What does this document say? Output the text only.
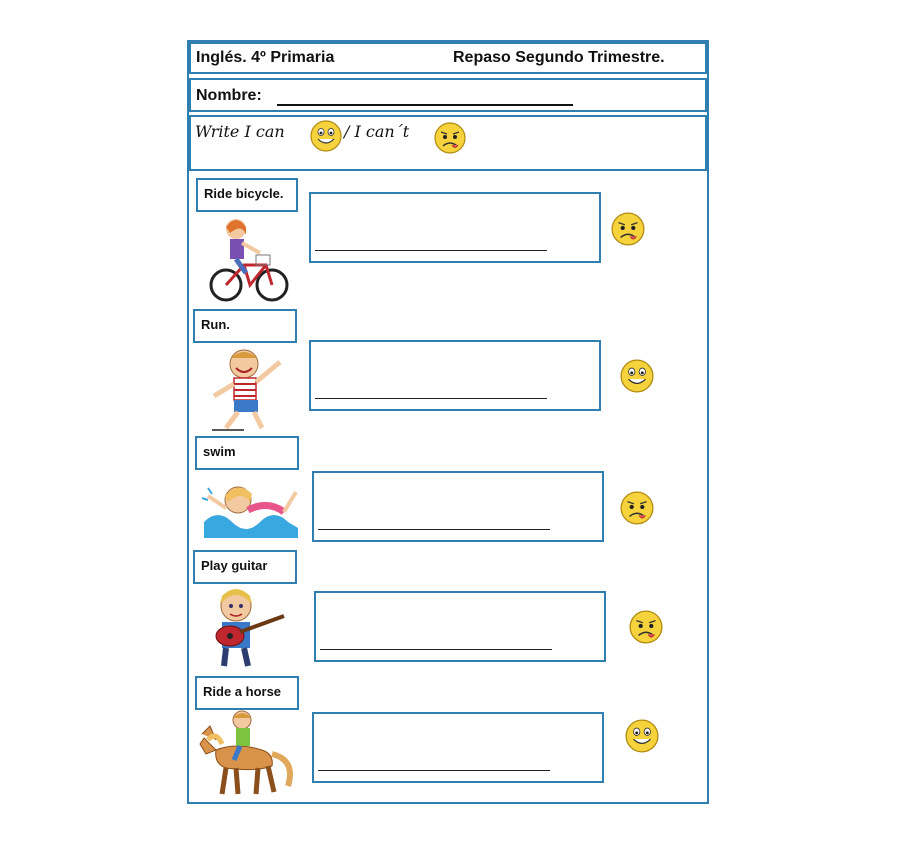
Inglés. 4º Primaria	Repaso Segundo Trimestre.
Nombre:
Write I can	/ I can´t
Ride bicycle.
Run.
swim
Play guitar
Ride a horse
